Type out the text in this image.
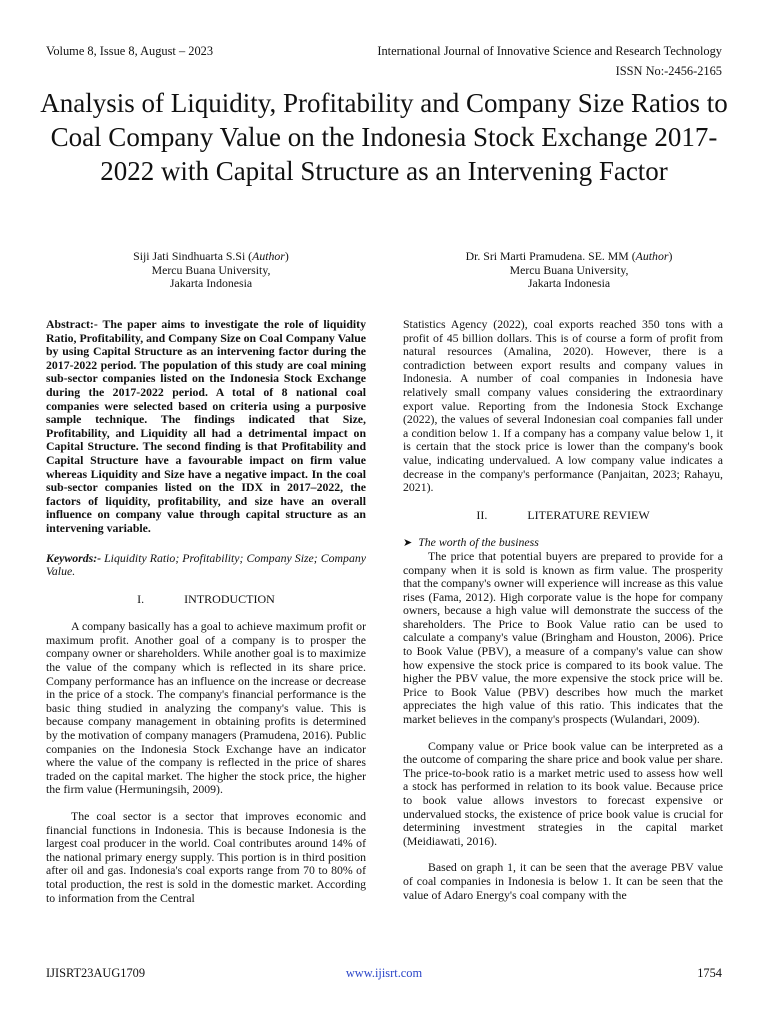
Volume 8, Issue 8, August – 2023	International Journal of Innovative Science and Research Technology
ISSN No:-2456-2165
Analysis of Liquidity, Profitability and Company Size Ratios to Coal Company Value on the Indonesia Stock Exchange 2017-2022 with Capital Structure as an Intervening Factor
Siji Jati Sindhuarta S.Si (Author)
Mercu Buana University,
Jakarta Indonesia
Dr. Sri Marti Pramudena. SE. MM (Author)
Mercu Buana University,
Jakarta Indonesia

Abstract:- The paper aims to investigate the role of liquidity Ratio, Profitability, and Company Size on Coal Company Value by using Capital Structure as an intervening factor during the 2017-2022 period. The population of this study are coal mining sub-sector companies listed on the Indonesia Stock Exchange during the 2017-2022 period. A total of 8 national coal companies were selected based on criteria using a purposive sample technique. The findings indicated that Size, Profitability, and Liquidity all had a detrimental impact on Capital Structure. The second finding is that Profitability and Capital Structure have a favourable impact on firm value whereas Liquidity and Size have a negative impact. In the coal sub-sector companies listed on the IDX in 2017–2022, the factors of liquidity, profitability, and size have an overall influence on company value through capital structure as an intervening variable.

Keywords:- Liquidity Ratio; Profitability; Company Size; Company Value.

I.	INTRODUCTION

A company basically has a goal to achieve maximum profit or maximum profit. Another goal of a company is to prosper the company owner or shareholders. While another goal is to maximize the value of the company which is reflected in its share price. Company performance has an influence on the increase or decrease in the price of a stock. The company's financial performance is the basic thing studied in analyzing the company's value. This is because company management in obtaining profits is determined by the motivation of company managers (Pramudena, 2016). Public companies on the Indonesia Stock Exchange have an indicator where the value of the company is reflected in the price of shares traded on the capital market. The higher the stock price, the higher the firm value (Hermuningsih, 2009).

The coal sector is a sector that improves economic and financial functions in Indonesia. This is because Indonesia is the largest coal producer in the world. Coal contributes around 14% of the national primary energy supply. This portion is in third position after oil and gas. Indonesia's coal exports range from 70 to 80% of total production, the rest is sold in the domestic market. According to information from the Central

Statistics Agency (2022), coal exports reached 350 tons with a profit of 45 billion dollars. This is of course a form of profit from natural resources (Amalina, 2020). However, there is a contradiction between export results and company values in Indonesia. A number of coal companies in Indonesia have relatively small company values considering the extraordinary export value. Reporting from the Indonesia Stock Exchange (2022), the values of several Indonesian coal companies fall under a condition below 1. If a company has a company value below 1, it is certain that the stock price is lower than the company's book value, indicating undervalued. A low company value indicates a decrease in the company's performance (Panjaitan, 2023; Rahayu, 2021).

II.	LITERATURE REVIEW

➤ The worth of the business

The price that potential buyers are prepared to provide for a company when it is sold is known as firm value. The prosperity that the company's owner will experience will increase as this value rises (Fama, 2012). High corporate value is the hope for company owners, because a high value will demonstrate the success of the shareholders. The Price to Book Value ratio can be used to calculate a company's value (Bringham and Houston, 2006). Price to Book Value (PBV), a measure of a company's value can show how expensive the stock price is compared to its book value. The higher the PBV value, the more expensive the stock price will be. Price to Book Value (PBV) describes how much the market appreciates the high value of this ratio. This indicates that the market believes in the company's prospects (Wulandari, 2009).

Company value or Price book value can be interpreted as a the outcome of comparing the share price and book value per share. The price-to-book ratio is a market metric used to assess how well a stock has performed in relation to its book value. Because price to book value allows investors to forecast expensive or undervalued stocks, the existence of price book value is crucial for determining investment strategies in the capital market (Meidiawati, 2016).

Based on graph 1, it can be seen that the average PBV value of coal companies in Indonesia is below 1. It can be seen that the value of Adaro Energy's coal company with the

IJISRT23AUG1709	www.ijisrt.com	1754
